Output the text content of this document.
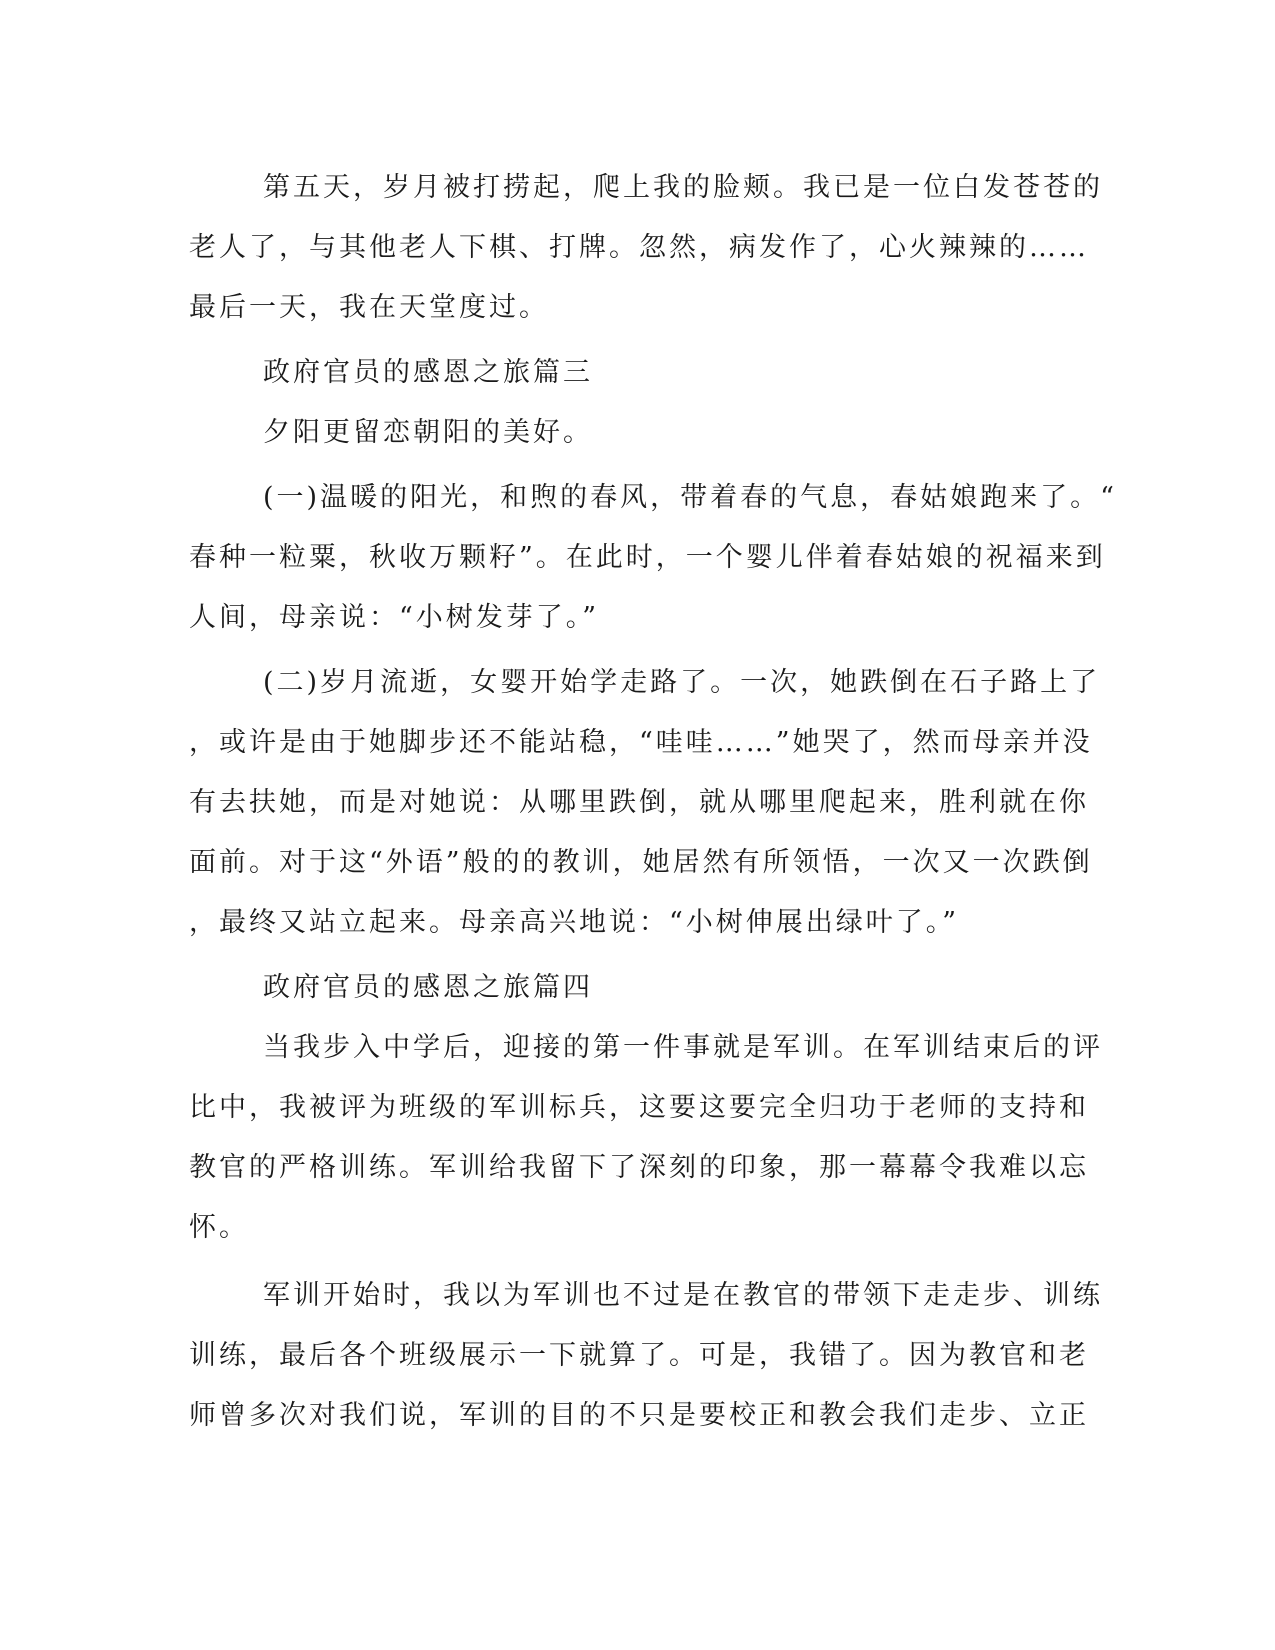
第五天，岁月被打捞起，爬上我的脸颊。我已是一位白发苍苍的
老人了，与其他老人下棋、打牌。忽然，病发作了，心火辣辣的……
最后一天，我在天堂度过。
政府官员的感恩之旅篇三
夕阳更留恋朝阳的美好。
(一)温暖的阳光，和煦的春风，带着春的气息，春姑娘跑来了。“
春种一粒粟，秋收万颗籽”。在此时，一个婴儿伴着春姑娘的祝福来到
人间，母亲说：“小树发芽了。”
(二)岁月流逝，女婴开始学走路了。一次，她跌倒在石子路上了
，或许是由于她脚步还不能站稳，“哇哇……”她哭了，然而母亲并没
有去扶她，而是对她说：从哪里跌倒，就从哪里爬起来，胜利就在你
面前。对于这“外语”般的的教训，她居然有所领悟，一次又一次跌倒
，最终又站立起来。母亲高兴地说：“小树伸展出绿叶了。”
政府官员的感恩之旅篇四
当我步入中学后，迎接的第一件事就是军训。在军训结束后的评
比中，我被评为班级的军训标兵，这要这要完全归功于老师的支持和
教官的严格训练。军训给我留下了深刻的印象，那一幕幕令我难以忘
怀。
军训开始时，我以为军训也不过是在教官的带领下走走步、训练
训练，最后各个班级展示一下就算了。可是，我错了。因为教官和老
师曾多次对我们说，军训的目的不只是要校正和教会我们走步、立正
